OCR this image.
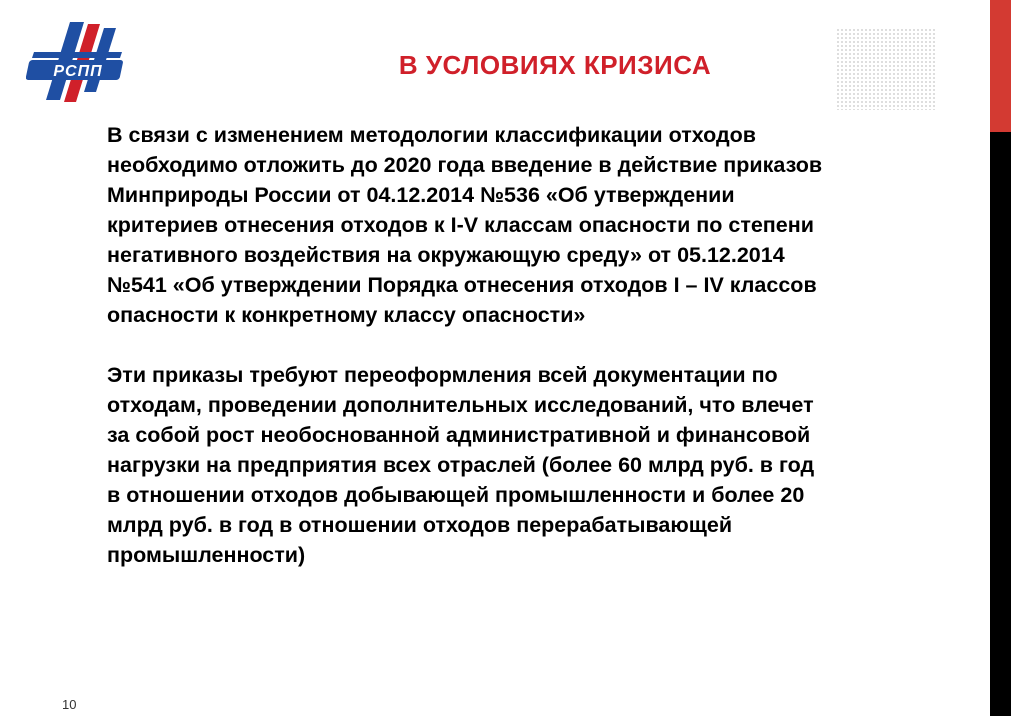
РСПП	В УСЛОВИЯХ КРИЗИСА

В связи с изменением методологии классификации отходов

необходимо отложить до 2020 года введение в действие приказов

Минприроды России от 04.12.2014 №536 «Об утверждении

критериев отнесения отходов к I-V классам опасности по степени

негативного воздействия на окружающую среду» от 05.12.2014

№541 «Об утверждении Порядка отнесения отходов I – IV классов

опасности к конкретному классу опасности»

Эти приказы требуют переоформления всей документации по

отходам, проведении дополнительных исследований, что влечет

за собой рост необоснованной административной и финансовой

нагрузки на предприятия всех отраслей (более 60 млрд руб. в год

в отношении отходов добывающей промышленности и более 20

млрд руб. в год в отношении отходов перерабатывающей

промышленности)

10
